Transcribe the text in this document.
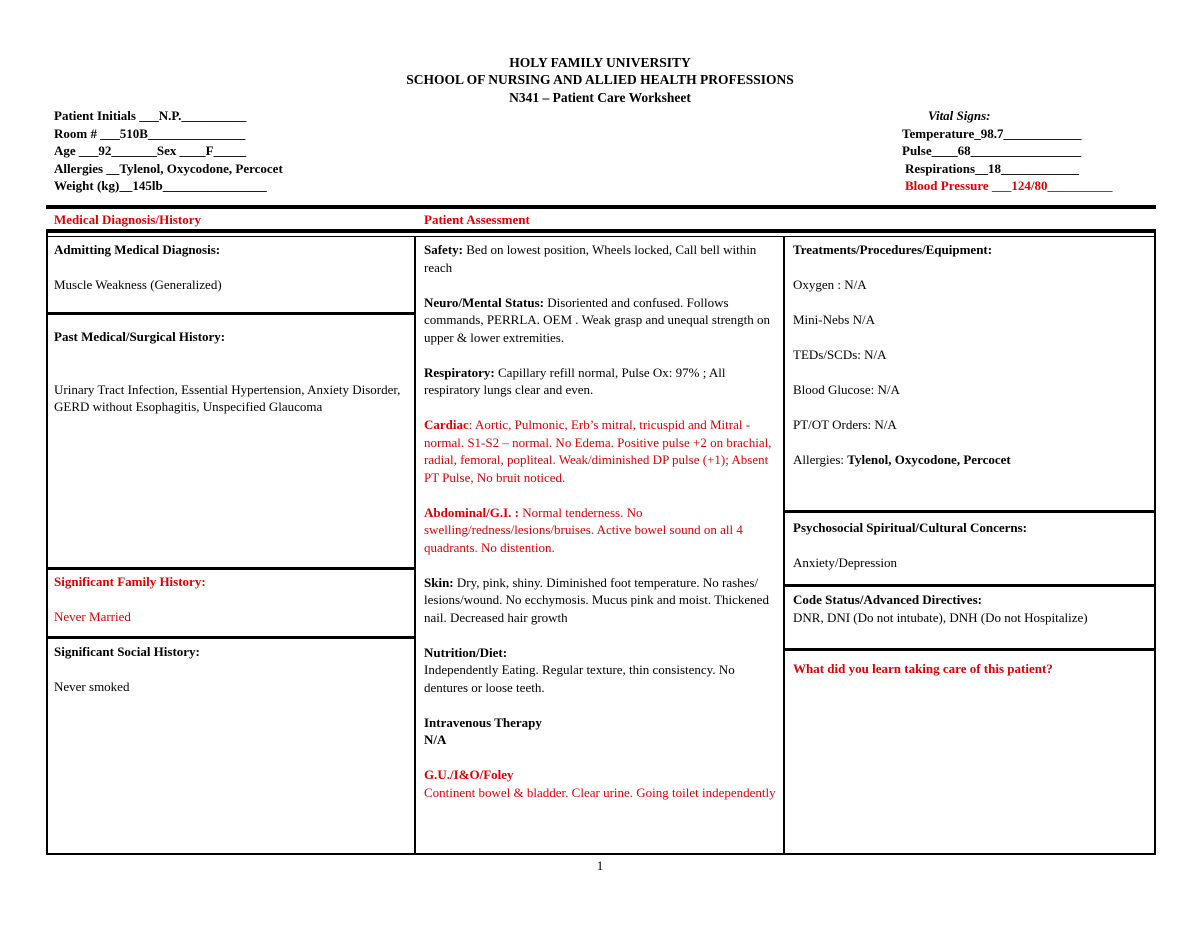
HOLY FAMILY UNIVERSITY
SCHOOL OF NURSING AND ALLIED HEALTH PROFESSIONS
N341 – Patient Care Worksheet
Patient Initials ___N.P.__________
Room # ___510B_______________
Age ___92_______Sex ____F_____
Allergies __Tylenol, Oxycodone, Percocet
Weight (kg)__145lb________________
Vital Signs:
Temperature_98.7____________
Pulse____68_________________
Respirations__18____________
Blood Pressure ___124/80__________
Medical Diagnosis/History	Patient Assessment

Admitting Medical Diagnosis:

Muscle Weakness (Generalized)

Past Medical/Surgical History:

Urinary Tract Infection, Essential Hypertension, Anxiety Disorder, GERD without Esophagitis, Unspecified Glaucoma

Significant Family History:

Never Married

Significant Social History:

Never smoked

Safety: Bed on lowest position, Wheels locked, Call bell within reach

Neuro/Mental Status: Disoriented and confused. Follows commands, PERRLA. OEM . Weak grasp and unequal strength on upper & lower extremities.

Respiratory: Capillary refill normal, Pulse Ox: 97% ; All respiratory lungs clear and even.

Cardiac: Aortic, Pulmonic, Erb’s mitral, tricuspid and Mitral -normal. S1-S2 – normal. No Edema. Positive pulse +2 on brachial, radial, femoral, popliteal. Weak/diminished DP pulse (+1); Absent PT Pulse, No bruit noticed.

Abdominal/G.I. : Normal tenderness. No swelling/redness/lesions/bruises. Active bowel sound on all 4 quadrants. No distention.

Skin: Dry, pink, shiny. Diminished foot temperature. No rashes/ lesions/wound. No ecchymosis. Mucus pink and moist. Thickened nail. Decreased hair growth

Nutrition/Diet:

Independently Eating. Regular texture, thin consistency. No dentures or loose teeth.

Intravenous Therapy

N/A

G.U./I&O/Foley

Continent bowel & bladder. Clear urine. Going toilet independently

Treatments/Procedures/Equipment:

Oxygen : N/A

Mini-Nebs N/A

TEDs/SCDs: N/A

Blood Glucose: N/A

PT/OT Orders: N/A

Allergies: Tylenol, Oxycodone, Percocet

Psychosocial Spiritual/Cultural Concerns:

Anxiety/Depression

Code Status/Advanced Directives:

DNR, DNI (Do not intubate), DNH (Do not Hospitalize)

What did you learn taking care of this patient?

1
